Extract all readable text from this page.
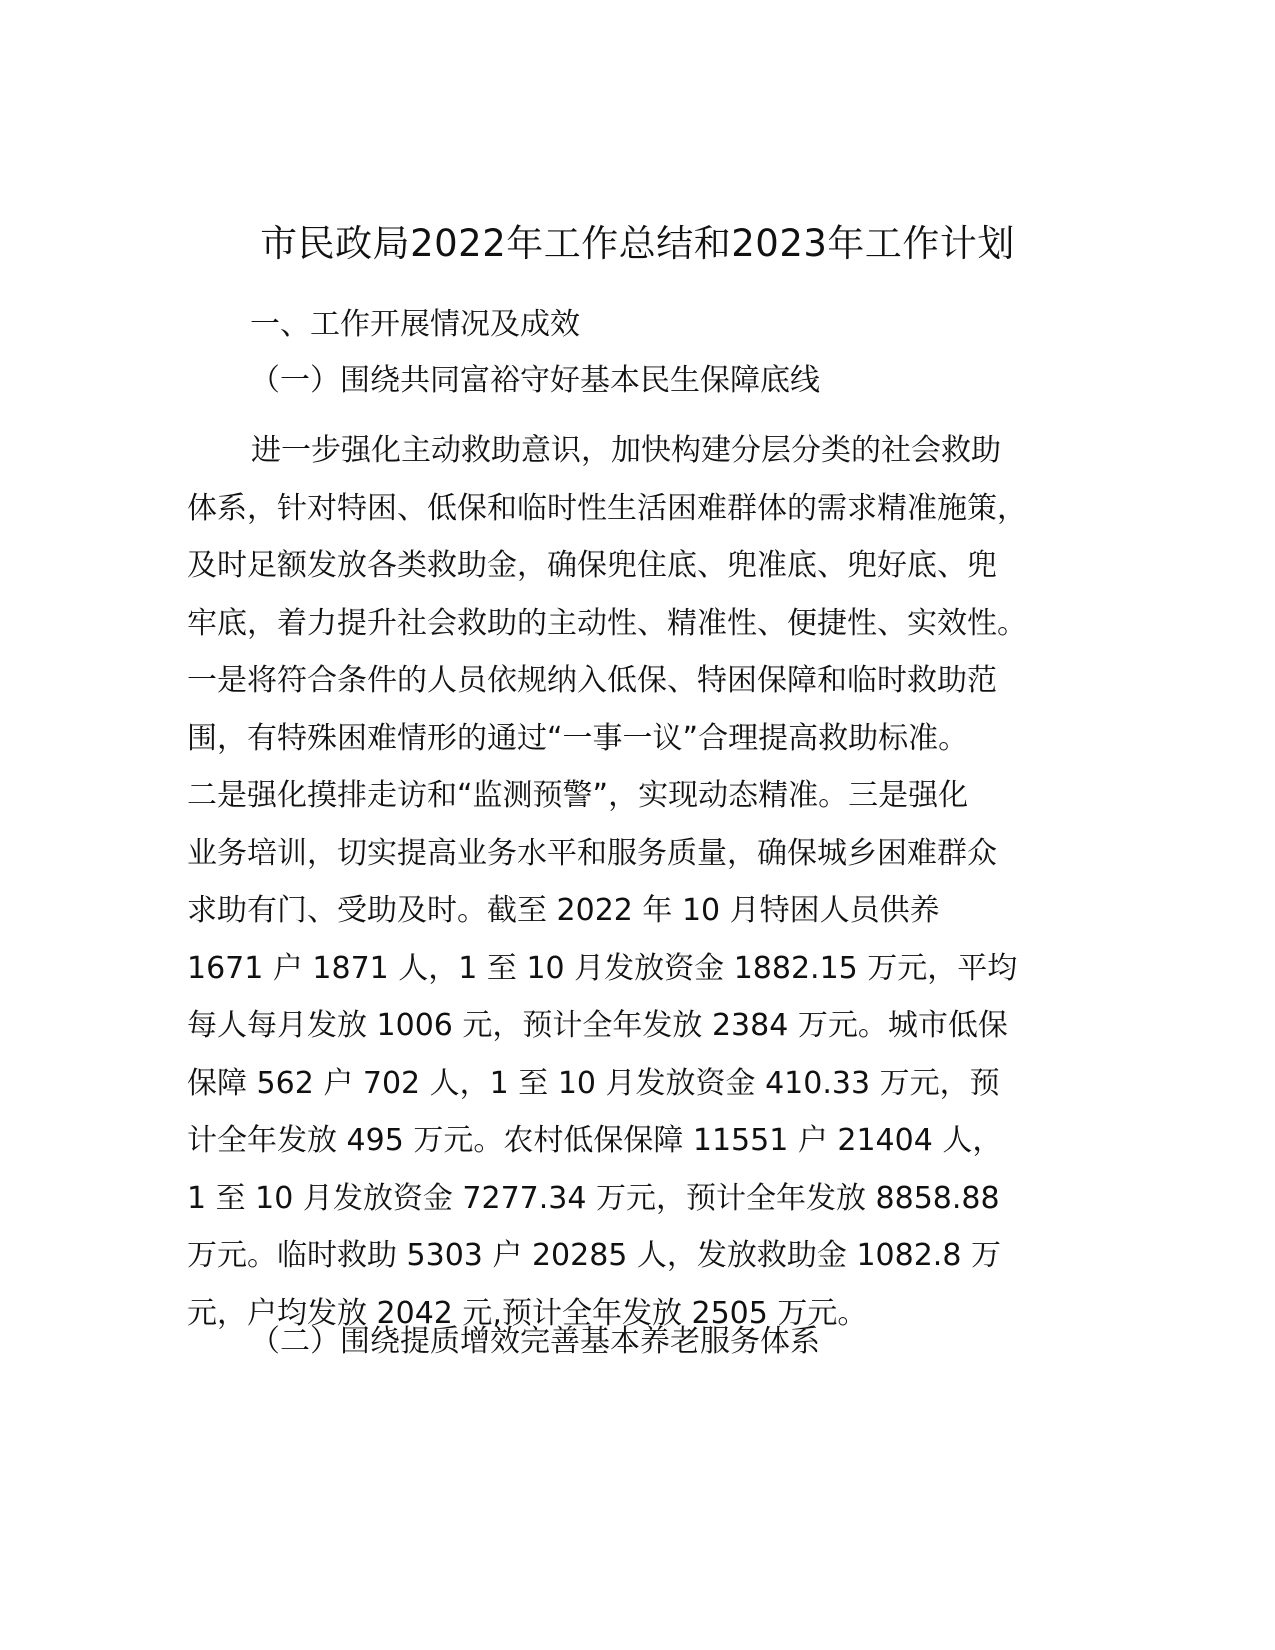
市民政局2022年工作总结和2023年工作计划
一、工作开展情况及成效
（一）围绕共同富裕守好基本民生保障底线
进一步强化主动救助意识，加快构建分层分类的社会救助
体系，针对特困、低保和临时性生活困难群体的需求精准施策，
及时足额发放各类救助金，确保兜住底、兜准底、兜好底、兜
牢底，着力提升社会救助的主动性、精准性、便捷性、实效性。
一是将符合条件的人员依规纳入低保、特困保障和临时救助范
围，有特殊困难情形的通过“一事一议”合理提高救助标准。
二是强化摸排走访和“监测预警”，实现动态精准。三是强化
业务培训，切实提高业务水平和服务质量，确保城乡困难群众
求助有门、受助及时。截至 2022 年 10 月特困人员供养
1671 户 1871 人，1 至 10 月发放资金 1882.15 万元，平均
每人每月发放 1006 元，预计全年发放 2384 万元。城市低保
保障 562 户 702 人，1 至 10 月发放资金 410.33 万元，预
计全年发放 495 万元。农村低保保障 11551 户 21404 人，
1 至 10 月发放资金 7277.34 万元，预计全年发放 8858.88
万元。临时救助 5303 户 20285 人，发放救助金 1082.8 万
元，户均发放 2042 元,预计全年发放 2505 万元。
（二）围绕提质增效完善基本养老服务体系
